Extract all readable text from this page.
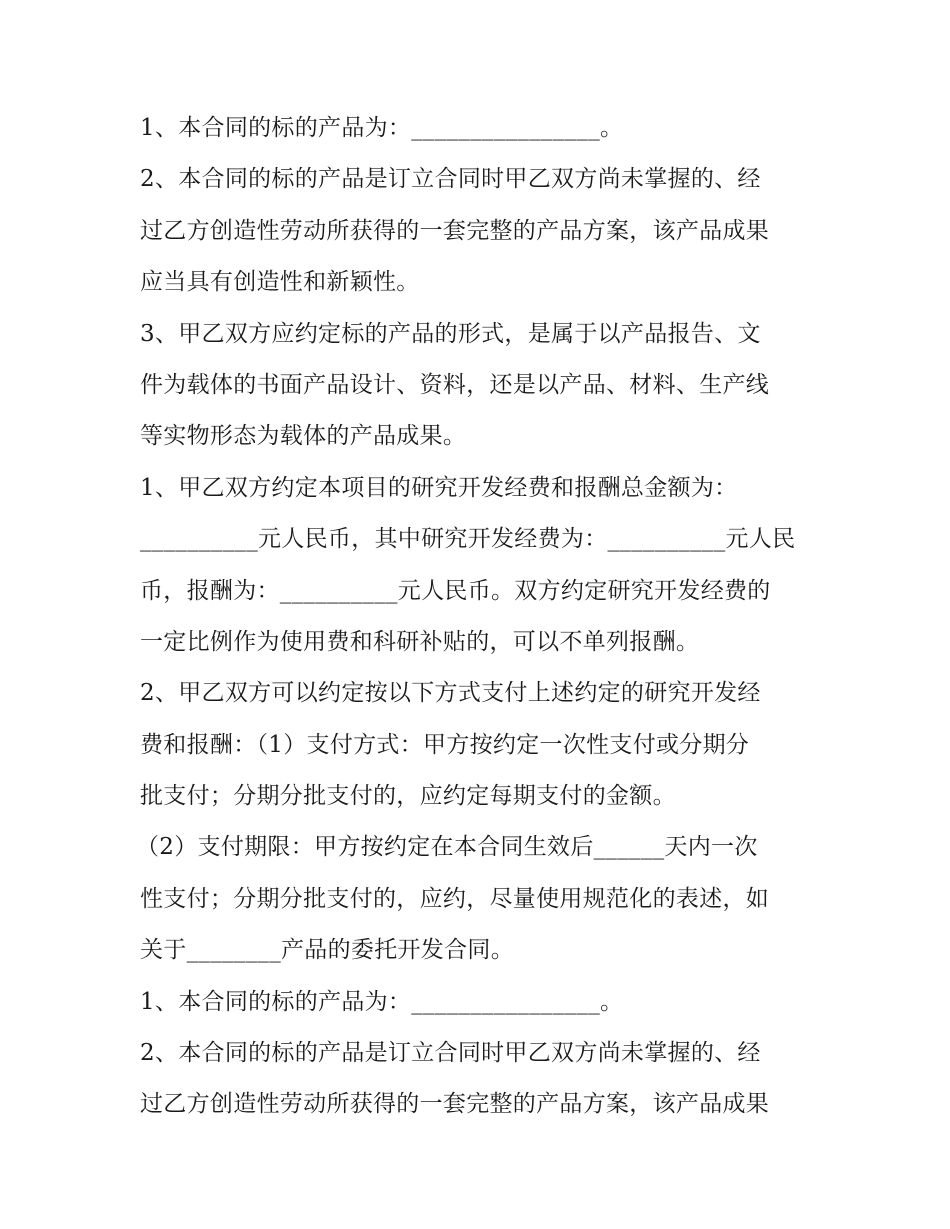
1、本合同的标的产品为：________________。
2、本合同的标的产品是订立合同时甲乙双方尚未掌握的、经
过乙方创造性劳动所获得的一套完整的产品方案，该产品成果
应当具有创造性和新颖性。
3、甲乙双方应约定标的产品的形式，是属于以产品报告、文
件为载体的书面产品设计、资料，还是以产品、材料、生产线
等实物形态为载体的产品成果。
1、甲乙双方约定本项目的研究开发经费和报酬总金额为：
__________元人民币，其中研究开发经费为：__________元人民
币，报酬为：__________元人民币。双方约定研究开发经费的
一定比例作为使用费和科研补贴的，可以不单列报酬。
2、甲乙双方可以约定按以下方式支付上述约定的研究开发经
费和报酬：（1）支付方式：甲方按约定一次性支付或分期分
批支付；分期分批支付的，应约定每期支付的金额。
（2）支付期限：甲方按约定在本合同生效后______天内一次
性支付；分期分批支付的，应约，尽量使用规范化的表述，如
关于________产品的委托开发合同。
1、本合同的标的产品为：________________。
2、本合同的标的产品是订立合同时甲乙双方尚未掌握的、经
过乙方创造性劳动所获得的一套完整的产品方案，该产品成果
